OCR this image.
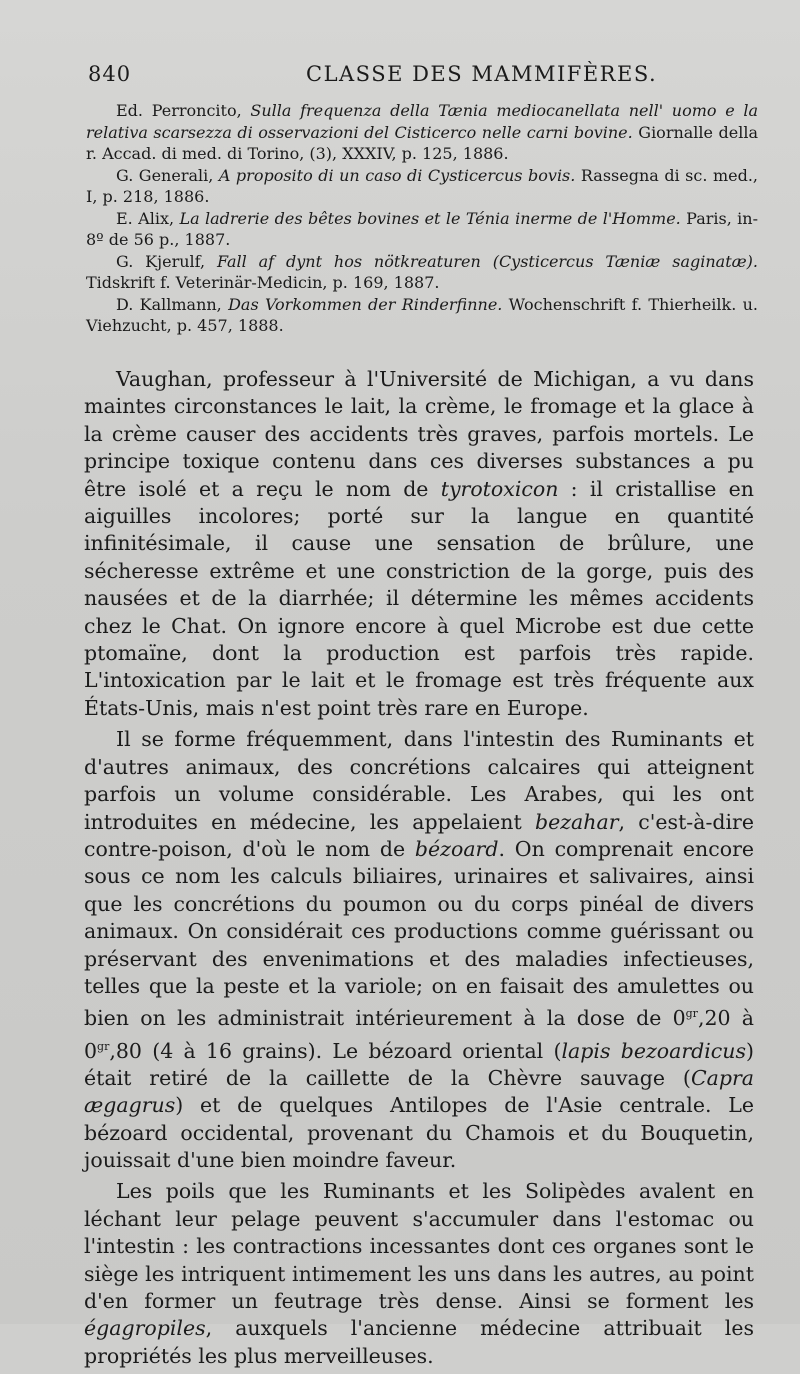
840	CLASSE DES MAMMIFÈRES.

Ed. Perroncito, Sulla frequenza della Tænia mediocanellata nell' uomo e la relativa scarsezza di osservazioni del Cisticerco nelle carni bovine. Giornalle della r. Accad. di med. di Torino, (3), XXXIV, p. 125, 1886.

G. Generali, A proposito di un caso di Cysticercus bovis. Rassegna di sc. med., I, p. 218, 1886.

E. Alix, La ladrerie des bêtes bovines et le Ténia inerme de l'Homme. Paris, in-8º de 56 p., 1887.

G. Kjerulf, Fall af dynt hos nötkreaturen (Cysticercus Tæniæ saginatæ). Tidskrift f. Veterinär-Medicin, p. 169, 1887.

D. Kallmann, Das Vorkommen der Rinderfinne. Wochenschrift f. Thierheilk. u. Viehzucht, p. 457, 1888.

Vaughan, professeur à l'Université de Michigan, a vu dans maintes circonstances le lait, la crème, le fromage et la glace à la crème causer des accidents très graves, parfois mortels. Le principe toxique contenu dans ces diverses substances a pu être isolé et a reçu le nom de tyrotoxicon : il cristallise en aiguilles incolores; porté sur la langue en quantité infinitésimale, il cause une sensation de brûlure, une sécheresse extrême et une constriction de la gorge, puis des nausées et de la diarrhée; il détermine les mêmes accidents chez le Chat. On ignore encore à quel Microbe est due cette ptomaïne, dont la production est parfois très rapide. L'intoxication par le lait et le fromage est très fréquente aux États-Unis, mais n'est point très rare en Europe.

Il se forme fréquemment, dans l'intestin des Ruminants et d'autres animaux, des concrétions calcaires qui atteignent parfois un volume considérable. Les Arabes, qui les ont introduites en médecine, les appelaient bezahar, c'est-à-dire contre-poison, d'où le nom de bézoard. On comprenait encore sous ce nom les calculs biliaires, urinaires et salivaires, ainsi que les concrétions du poumon ou du corps pinéal de divers animaux. On considérait ces productions comme guérissant ou préservant des envenimations et des maladies infectieuses, telles que la peste et la variole; on en faisait des amulettes ou bien on les administrait intérieurement à la dose de $0^{gr},20$ à $0^{gr},80$ (4 à 16 grains). Le bézoard oriental (lapis bezoardicus) était retiré de la caillette de la Chèvre sauvage (Capra ægagrus) et de quelques Antilopes de l'Asie centrale. Le bézoard occidental, provenant du Chamois et du Bouquetin, jouissait d'une bien moindre faveur.

Les poils que les Ruminants et les Solipèdes avalent en léchant leur pelage peuvent s'accumuler dans l'estomac ou l'intestin : les contractions incessantes dont ces organes sont le siège les intriquent intimement les uns dans les autres, au point d'en former un feutrage très dense. Ainsi se forment les égagropiles, auxquels l'ancienne médecine attribuait les propriétés les plus merveilleuses.
